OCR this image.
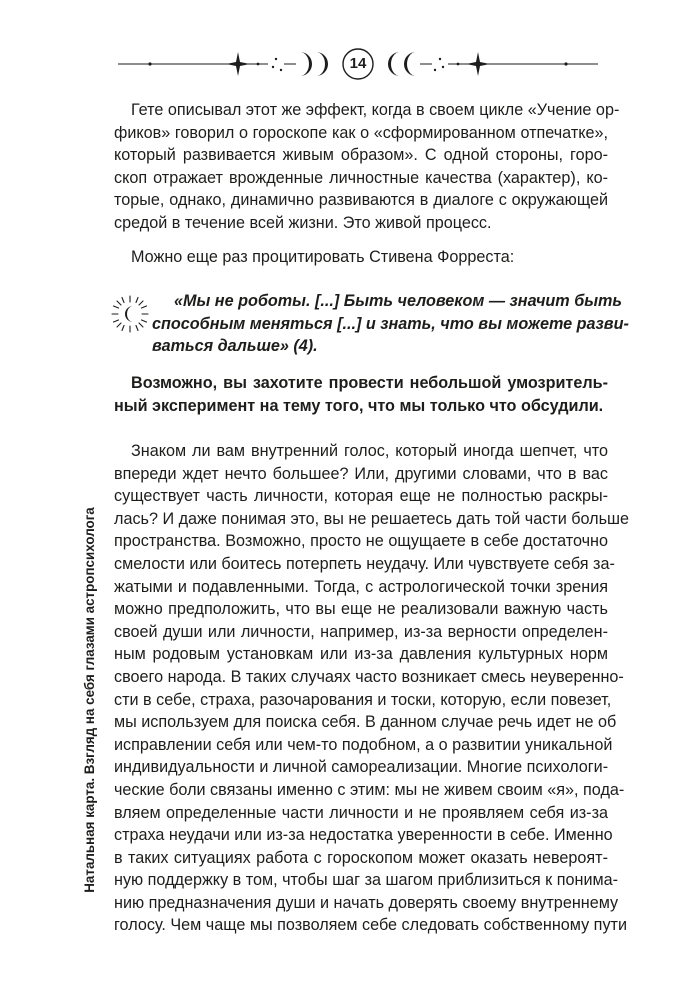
14
Гете описывал этот же эффект, когда в своем цикле «Учение ор-
фиков» говорил о гороскопе как о «сформированном отпечатке»,
который развивается живым образом». С одной стороны, горо-
скоп отражает врожденные личностные качества (характер), ко-
торые, однако, динамично развиваются в диалоге с окружающей
средой в течение всей жизни. Это живой процесс.
Можно еще раз процитировать Стивена Форреста:
«Мы не роботы. [...] Быть человеком — значит быть
способным меняться [...] и знать, что вы можете разви-
ваться дальше» (4).
Возможно, вы захотите провести небольшой умозритель-
ный эксперимент на тему того, что мы только что обсудили.
Знаком ли вам внутренний голос, который иногда шепчет, что
впереди ждет нечто большее? Или, другими словами, что в вас
существует часть личности, которая еще не полностью раскры-
лась? И даже понимая это, вы не решаетесь дать той части больше
пространства. Возможно, просто не ощущаете в себе достаточно
смелости или боитесь потерпеть неудачу. Или чувствуете себя за-
жатыми и подавленными. Тогда, с астрологической точки зрения
можно предположить, что вы еще не реализовали важную часть
своей души или личности, например, из-за верности определен-
ным родовым установкам или из-за давления культурных норм
своего народа. В таких случаях часто возникает смесь неуверенно-
сти в себе, страха, разочарования и тоски, которую, если повезет,
мы используем для поиска себя. В данном случае речь идет не об
исправлении себя или чем-то подобном, а о развитии уникальной
индивидуальности и личной самореализации. Многие психологи-
ческие боли связаны именно с этим: мы не живем своим «я», пода-
вляем определенные части личности и не проявляем себя из-за
страха неудачи или из-за недостатка уверенности в себе. Именно
в таких ситуациях работа с гороскопом может оказать невероят-
ную поддержку в том, чтобы шаг за шагом приблизиться к понима-
нию предназначения души и начать доверять своему внутреннему
голосу. Чем чаще мы позволяем себе следовать собственному пути
Натальная карта. Взгляд на себя глазами астропсихолога
